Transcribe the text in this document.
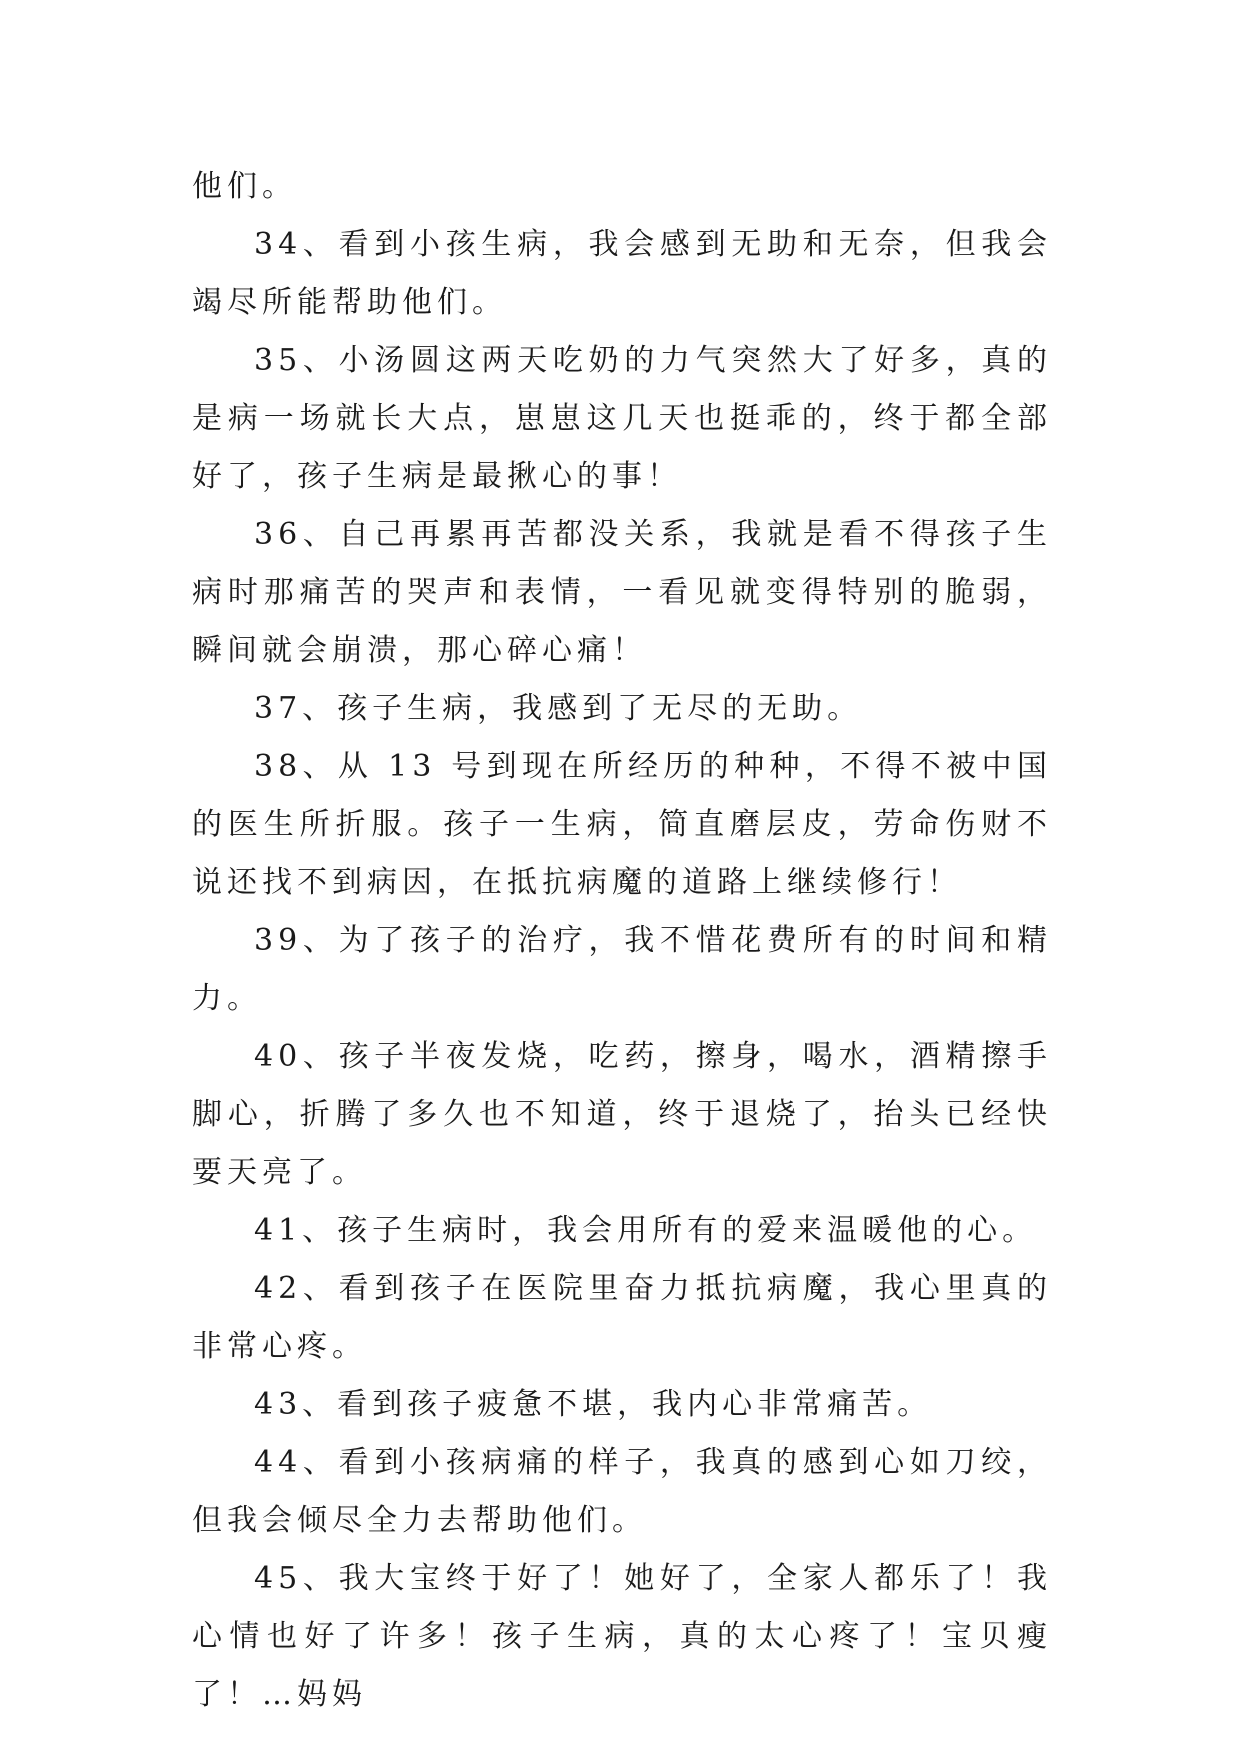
他们。

34、看到小孩生病，我会感到无助和无奈，但我会竭尽所能帮助他们。

35、小汤圆这两天吃奶的力气突然大了好多，真的是病一场就长大点，崽崽这几天也挺乖的，终于都全部好了，孩子生病是最揪心的事！

36、自己再累再苦都没关系，我就是看不得孩子生病时那痛苦的哭声和表情，一看见就变得特别的脆弱，瞬间就会崩溃，那心碎心痛！

37、孩子生病，我感到了无尽的无助。

38、从 13 号到现在所经历的种种，不得不被中国的医生所折服。孩子一生病，简直磨层皮，劳命伤财不说还找不到病因，在抵抗病魔的道路上继续修行！

39、为了孩子的治疗，我不惜花费所有的时间和精力。

40、孩子半夜发烧，吃药，擦身，喝水，酒精擦手脚心，折腾了多久也不知道，终于退烧了，抬头已经快要天亮了。

41、孩子生病时，我会用所有的爱来温暖他的心。

42、看到孩子在医院里奋力抵抗病魔，我心里真的非常心疼。

43、看到孩子疲惫不堪，我内心非常痛苦。

44、看到小孩病痛的样子，我真的感到心如刀绞，但我会倾尽全力去帮助他们。

45、我大宝终于好了！她好了，全家人都乐了！我心情也好了许多！孩子生病，真的太心疼了！宝贝瘦了！…妈妈
